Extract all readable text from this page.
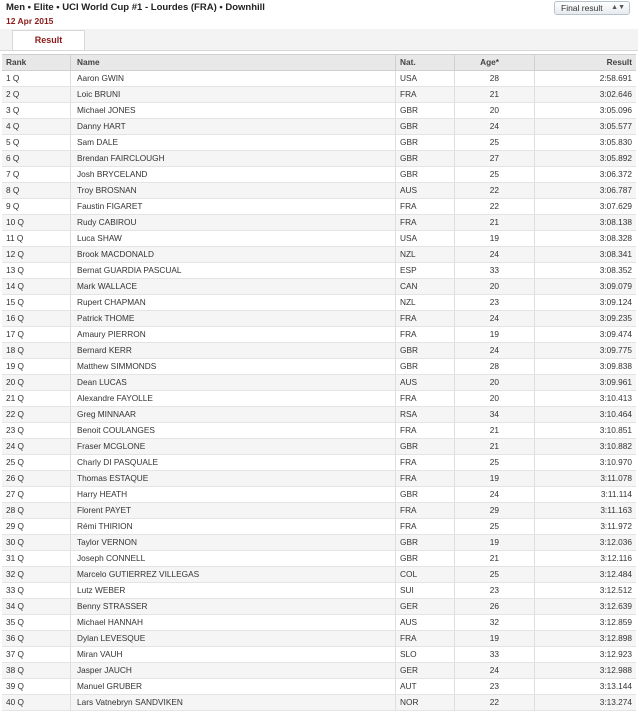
Men • Elite • UCI World Cup #1 - Lourdes (FRA) • Downhill
12 Apr 2015
Final result ▲▼
Result
Rank	Name	Nat.	Age*	Result
1 Q	Aaron GWIN	USA	28	2:58.691
2 Q	Loic BRUNI	FRA	21	3:02.646
3 Q	Michael JONES	GBR	20	3:05.096
4 Q	Danny HART	GBR	24	3:05.577
5 Q	Sam DALE	GBR	25	3:05.830
6 Q	Brendan FAIRCLOUGH	GBR	27	3:05.892
7 Q	Josh BRYCELAND	GBR	25	3:06.372
8 Q	Troy BROSNAN	AUS	22	3:06.787
9 Q	Faustin FIGARET	FRA	22	3:07.629
10 Q	Rudy CABIROU	FRA	21	3:08.138
11 Q	Luca SHAW	USA	19	3:08.328
12 Q	Brook MACDONALD	NZL	24	3:08.341
13 Q	Bernat GUARDIA PASCUAL	ESP	33	3:08.352
14 Q	Mark WALLACE	CAN	20	3:09.079
15 Q	Rupert CHAPMAN	NZL	23	3:09.124
16 Q	Patrick THOME	FRA	24	3:09.235
17 Q	Amaury PIERRON	FRA	19	3:09.474
18 Q	Bernard KERR	GBR	24	3:09.775
19 Q	Matthew SIMMONDS	GBR	28	3:09.838
20 Q	Dean LUCAS	AUS	20	3:09.961
21 Q	Alexandre FAYOLLE	FRA	20	3:10.413
22 Q	Greg MINNAAR	RSA	34	3:10.464
23 Q	Benoit COULANGES	FRA	21	3:10.851
24 Q	Fraser MCGLONE	GBR	21	3:10.882
25 Q	Charly DI PASQUALE	FRA	25	3:10.970
26 Q	Thomas ESTAQUE	FRA	19	3:11.078
27 Q	Harry HEATH	GBR	24	3:11.114
28 Q	Florent PAYET	FRA	29	3:11.163
29 Q	Rémi THIRION	FRA	25	3:11.972
30 Q	Taylor VERNON	GBR	19	3:12.036
31 Q	Joseph CONNELL	GBR	21	3:12.116
32 Q	Marcelo GUTIERREZ VILLEGAS	COL	25	3:12.484
33 Q	Lutz WEBER	SUI	23	3:12.512
34 Q	Benny STRASSER	GER	26	3:12.639
35 Q	Michael HANNAH	AUS	32	3:12.859
36 Q	Dylan LEVESQUE	FRA	19	3:12.898
37 Q	Miran VAUH	SLO	33	3:12.923
38 Q	Jasper JAUCH	GER	24	3:12.988
39 Q	Manuel GRUBER	AUT	23	3:13.144
40 Q	Lars Vatnebryn SANDVIKEN	NOR	22	3:13.274
